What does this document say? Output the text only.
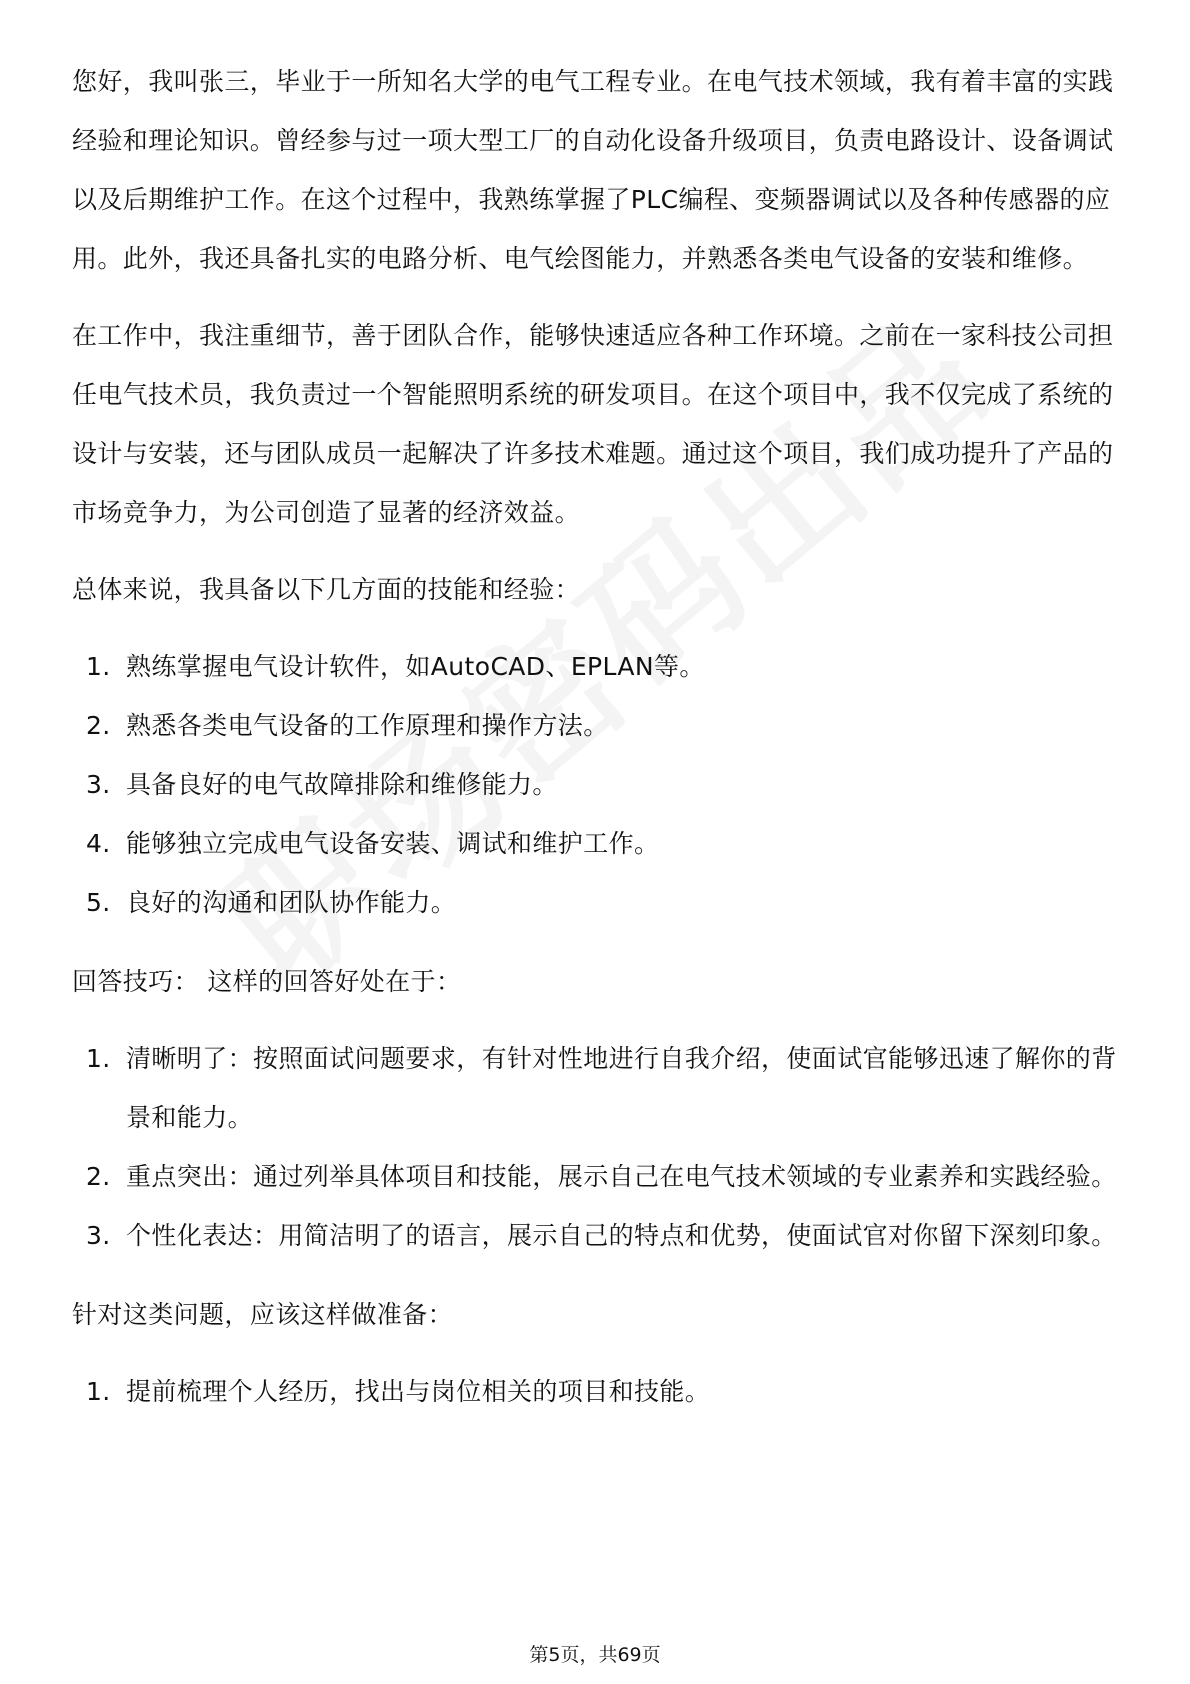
您好，我叫张三，毕业于一所知名大学的电气工程专业。在电气技术领域，我有着丰富的实践经验和理论知识。曾经参与过一项大型工厂的自动化设备升级项目，负责电路设计、设备调试以及后期维护工作。在这个过程中，我熟练掌握了PLC编程、变频器调试以及各种传感器的应用。此外，我还具备扎实的电路分析、电气绘图能力，并熟悉各类电气设备的安装和维修。

在工作中，我注重细节，善于团队合作，能够快速适应各种工作环境。之前在一家科技公司担任电气技术员，我负责过一个智能照明系统的研发项目。在这个项目中，我不仅完成了系统的设计与安装，还与团队成员一起解决了许多技术难题。通过这个项目，我们成功提升了产品的市场竞争力，为公司创造了显著的经济效益。

总体来说，我具备以下几方面的技能和经验：

1. 熟练掌握电气设计软件，如AutoCAD、EPLAN等。
2. 熟悉各类电气设备的工作原理和操作方法。
3. 具备良好的电气故障排除和维修能力。
4. 能够独立完成电气设备安装、调试和维护工作。
5. 良好的沟通和团队协作能力。

回答技巧： 这样的回答好处在于：

1. 清晰明了：按照面试问题要求，有针对性地进行自我介绍，使面试官能够迅速了解你的背景和能力。
2. 重点突出：通过列举具体项目和技能，展示自己在电气技术领域的专业素养和实践经验。
3. 个性化表达：用简洁明了的语言，展示自己的特点和优势，使面试官对你留下深刻印象。

针对这类问题，应该这样做准备：

1. 提前梳理个人经历，找出与岗位相关的项目和技能。
第5页，共69页
